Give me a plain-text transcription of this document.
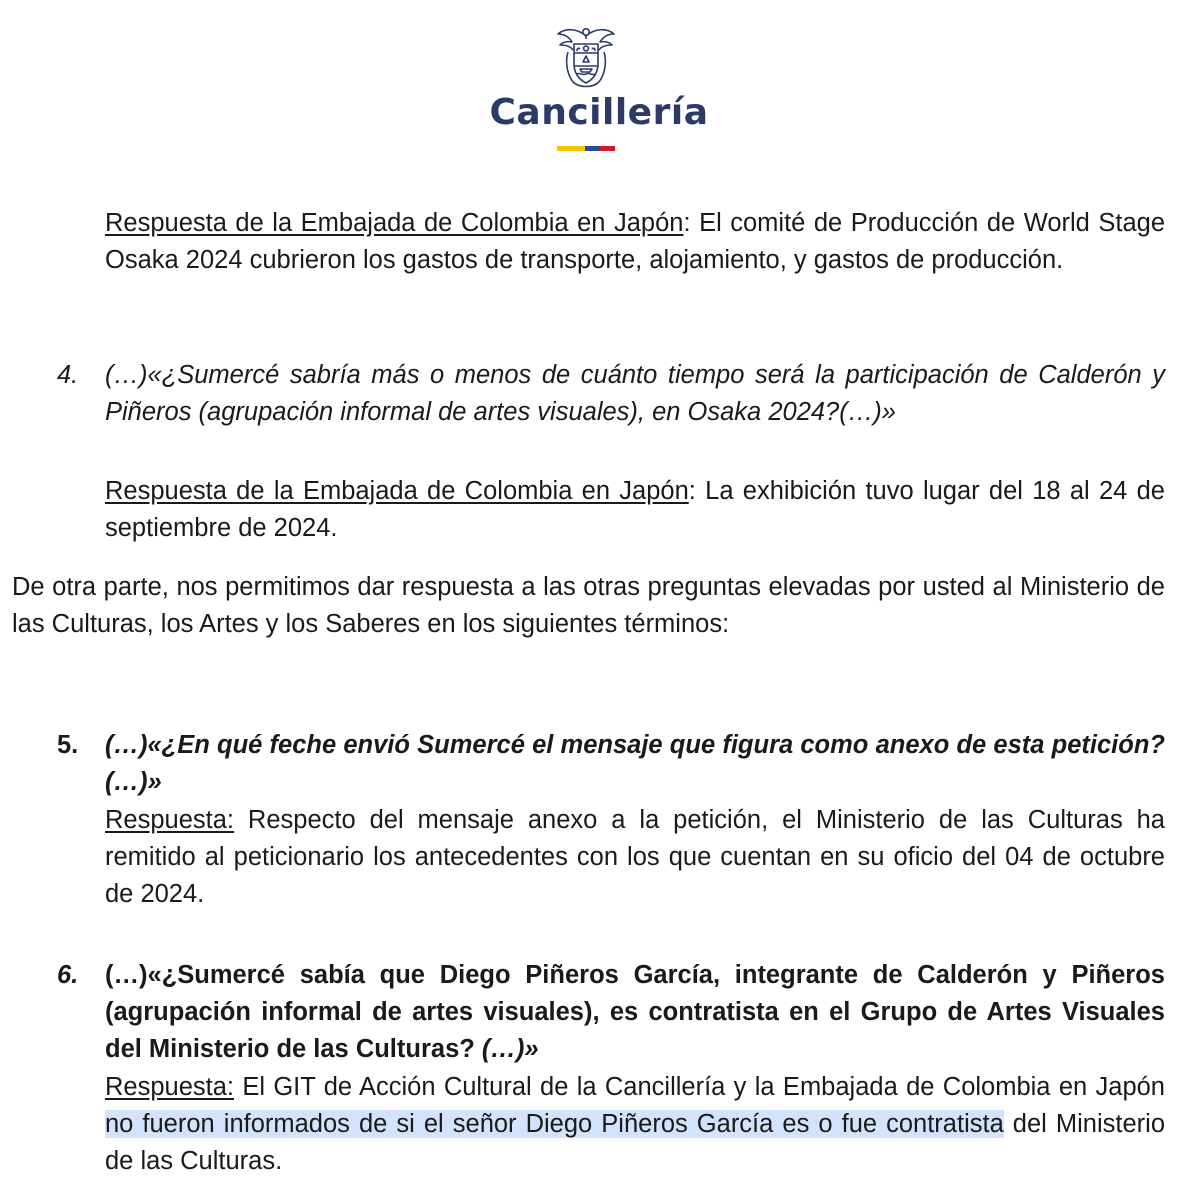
Cancillería
Respuesta de la Embajada de Colombia en Japón: El comité de Producción de World Stage Osaka 2024 cubrieron los gastos de transporte, alojamiento, y gastos de producción.
4. (…)«¿Sumercé sabría más o menos de cuánto tiempo será la participación de Calderón y Piñeros (agrupación informal de artes visuales), en Osaka 2024?(…)»
Respuesta de la Embajada de Colombia en Japón: La exhibición tuvo lugar del 18 al 24 de septiembre de 2024.
De otra parte, nos permitimos dar respuesta a las otras preguntas elevadas por usted al Ministerio de las Culturas, los Artes y los Saberes en los siguientes términos:
5. (…)«¿En qué feche envió Sumercé el mensaje que figura como anexo de esta petición?(…)»
Respuesta: Respecto del mensaje anexo a la petición, el Ministerio de las Culturas ha remitido al peticionario los antecedentes con los que cuentan en su oficio del 04 de octubre de 2024.
6. (…)«¿Sumercé sabía que Diego Piñeros García, integrante de Calderón y Piñeros (agrupación informal de artes visuales), es contratista en el Grupo de Artes Visuales del Ministerio de las Culturas? (…)»
Respuesta: El GIT de Acción Cultural de la Cancillería y la Embajada de Colombia en Japón no fueron informados de si el señor Diego Piñeros García es o fue contratista del Ministerio de las Culturas.
